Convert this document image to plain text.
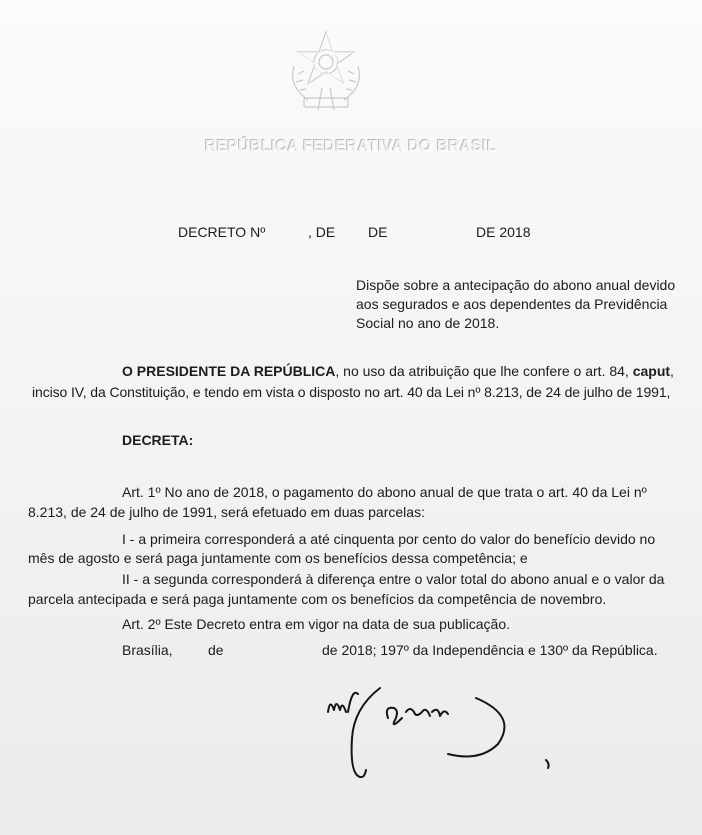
REPÚBLICA FEDERATIVA DO BRASIL
DECRETO Nº	, DE DE	DE 2018
Dispõe sobre a antecipação do abono anual devido
aos segurados e aos dependentes da Previdência
Social no ano de 2018.
O PRESIDENTE DA REPÚBLICA, no uso da atribuição que lhe confere o art. 84, caput,
inciso IV, da Constituição, e tendo em vista o disposto no art. 40 da Lei nº 8.213, de 24 de julho de 1991,
DECRETA:
Art. 1º No ano de 2018, o pagamento do abono anual de que trata o art. 40 da Lei nº
8.213, de 24 de julho de 1991, será efetuado em duas parcelas:
I - a primeira corresponderá a até cinquenta por cento do valor do benefício devido no
mês de agosto e será paga juntamente com os benefícios dessa competência; e
II - a segunda corresponderá à diferença entre o valor total do abono anual e o valor da
parcela antecipada e será paga juntamente com os benefícios da competência de novembro.
Art. 2º Este Decreto entra em vigor na data de sua publicação.
Brasília,	de	de 2018; 197º da Independência e 130º da República.
